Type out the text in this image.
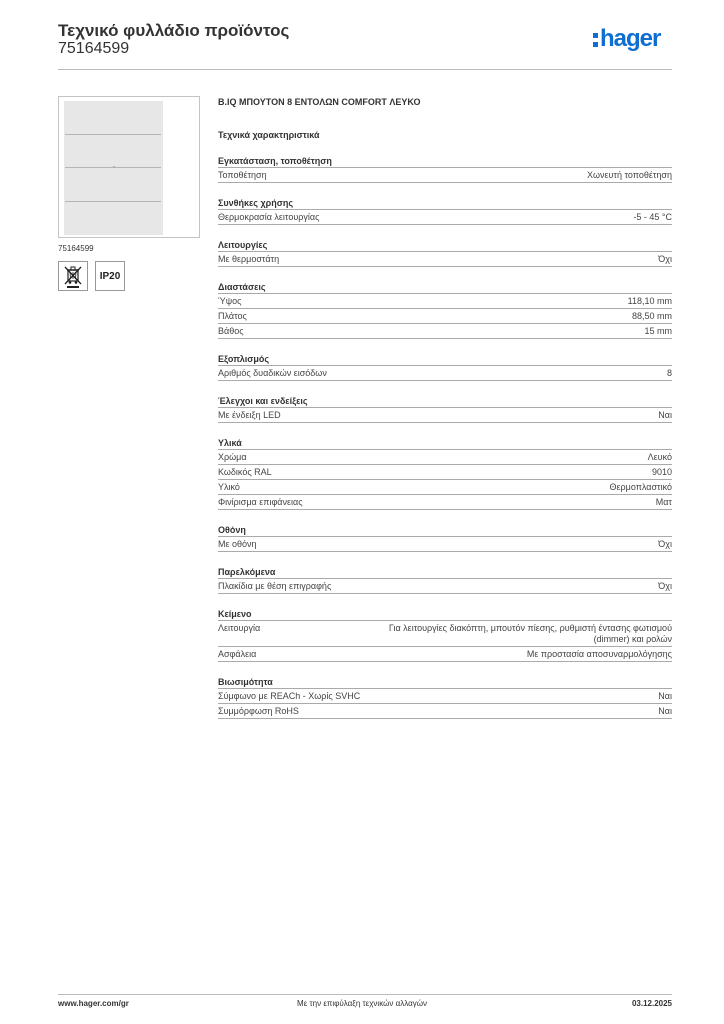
Τεχνικό φυλλάδιο προϊόντος
75164599	hager
75164599
IP20
B.IQ ΜΠΟΥΤΟΝ 8 ΕΝΤΟΛΩΝ COMFORT ΛΕΥΚΟ
Τεχνικά χαρακτηριστικά
Εγκατάσταση, τοποθέτηση
Τοποθέτηση	Χωνευτή τοποθέτηση
Συνθήκες χρήσης
Θερμοκρασία λειτουργίας	-5 - 45 °C
Λειτουργίες
Με θερμοστάτη	Όχι
Διαστάσεις
Ύψος	118,10 mm
Πλάτος	88,50 mm
Βάθος	15 mm
Εξοπλισμός
Αριθμός δυαδικών εισόδων	8
Έλεγχοι και ενδείξεις
Με ένδειξη LED	Ναι
Υλικά
Χρώμα	Λευκό
Κωδικός RAL	9010
Υλικό	Θερμοπλαστικό
Φινίρισμα επιφάνειας	Ματ
Οθόνη
Με οθόνη	Όχι
Παρελκόμενα
Πλακίδια με θέση επιγραφής	Όχι
Κείμενο
Λειτουργία	Για λειτουργίες διακόπτη, μπουτόν πίεσης, ρυθμιστή έντασης φωτισμού (dimmer) και ρολών
Ασφάλεια	Με προστασία αποσυναρμολόγησης
Βιωσιμότητα
Σύμφωνο με REACh - Χωρίς SVHC	Ναι
Συμμόρφωση RoHS	Ναι
www.hager.com/gr	Με την επιφύλαξη τεχνικών αλλαγών	03.12.2025
